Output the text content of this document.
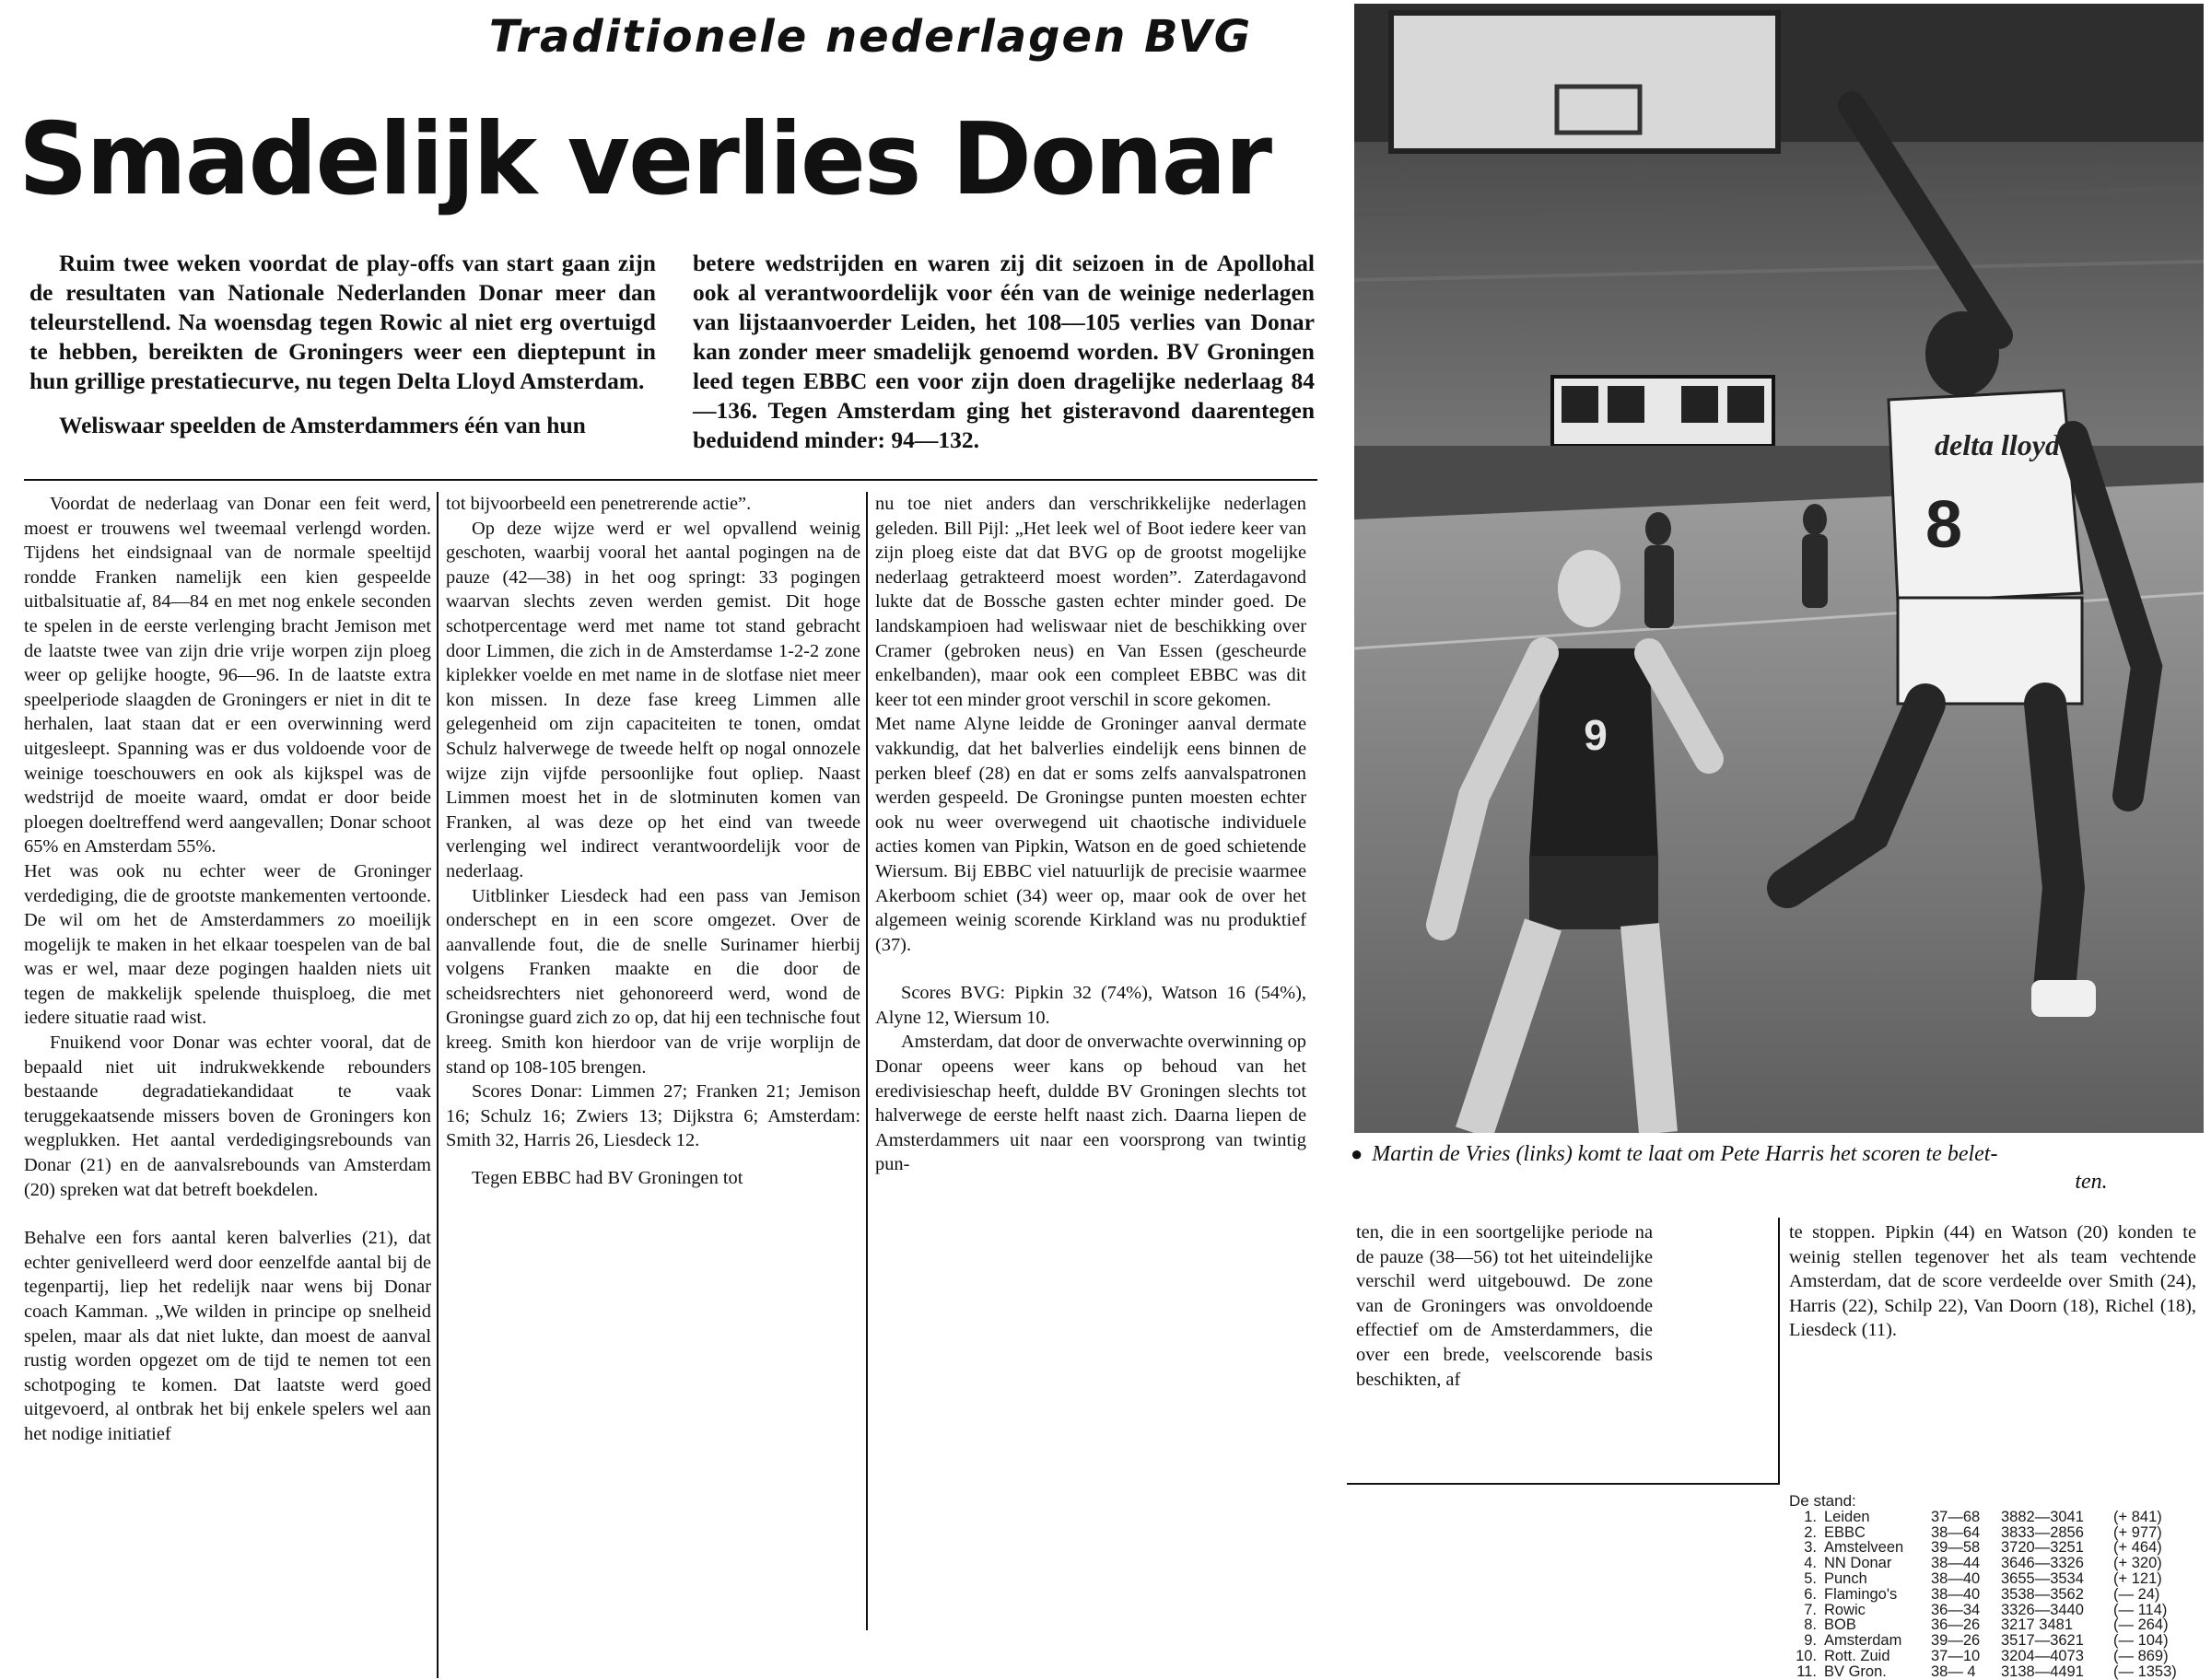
Traditionele nederlagen BVG
Smadelijk verlies Donar

Ruim twee weken voordat de play-offs van start gaan zijn de resultaten van Nationale Nederlanden Donar meer dan teleurstellend. Na woensdag tegen Rowic al niet erg overtuigd te hebben, bereikten de Groningers weer een dieptepunt in hun grillige prestatiecurve, nu tegen Delta Lloyd Amsterdam.

Weliswaar speelden de Amsterdammers één van hun

betere wedstrijden en waren zij dit seizoen in de Apollohal ook al verantwoordelijk voor één van de weinige nederlagen van lijstaanvoerder Leiden, het 108—105 verlies van Donar kan zonder meer smadelijk genoemd worden. BV Groningen leed tegen EBBC een voor zijn doen dragelijke nederlaag 84—136. Tegen Amsterdam ging het gisteravond daarentegen beduidend minder: 94—132.

Voordat de nederlaag van Donar een feit werd, moest er trouwens wel tweemaal verlengd worden. Tijdens het eindsignaal van de normale speeltijd rondde Franken namelijk een kien gespeelde uitbalsituatie af, 84—84 en met nog enkele seconden te spelen in de eerste verlenging bracht Jemison met de laatste twee van zijn drie vrije worpen zijn ploeg weer op gelijke hoogte, 96—96. In de laatste extra speelperiode slaagden de Groningers er niet in dit te herhalen, laat staan dat er een overwinning werd uitgesleept. Spanning was er dus voldoende voor de weinige toeschouwers en ook als kijkspel was de wedstrijd de moeite waard, omdat er door beide ploegen doeltreffend werd aangevallen; Donar schoot 65% en Amsterdam 55%.

Het was ook nu echter weer de Groninger verdediging, die de grootste mankementen vertoonde. De wil om het de Amsterdammers zo moeilijk mogelijk te maken in het elkaar toespelen van de bal was er wel, maar deze pogingen haalden niets uit tegen de makkelijk spelende thuisploeg, die met iedere situatie raad wist.

Fnuikend voor Donar was echter vooral, dat de bepaald niet uit indrukwekkende rebounders bestaande degradatiekandidaat te vaak teruggekaatsende missers boven de Groningers kon wegplukken. Het aantal verdedigingsrebounds van Donar (21) en de aanvalsrebounds van Amsterdam (20) spreken wat dat betreft boekdelen.

Behalve een fors aantal keren balverlies (21), dat echter genivelleerd werd door eenzelfde aantal bij de tegenpartij, liep het redelijk naar wens bij Donar coach Kamman. „We wilden in principe op snelheid spelen, maar als dat niet lukte, dan moest de aanval rustig worden opgezet om de tijd te nemen tot een schotpoging te komen. Dat laatste werd goed uitgevoerd, al ontbrak het bij enkele spelers wel aan het nodige initiatief

tot bijvoorbeeld een penetrerende actie”.

Op deze wijze werd er wel opvallend weinig geschoten, waarbij vooral het aantal pogingen na de pauze (42—38) in het oog springt: 33 pogingen waarvan slechts zeven werden gemist. Dit hoge schotpercentage werd met name tot stand gebracht door Limmen, die zich in de Amsterdamse 1-2-2 zone kiplekker voelde en met name in de slotfase niet meer kon missen. In deze fase kreeg Limmen alle gelegenheid om zijn capaciteiten te tonen, omdat Schulz halverwege de tweede helft op nogal onnozele wijze zijn vijfde persoonlijke fout opliep. Naast Limmen moest het in de slotminuten komen van Franken, al was deze op het eind van tweede verlenging wel indirect verantwoordelijk voor de nederlaag.

Uitblinker Liesdeck had een pass van Jemison onderschept en in een score omgezet. Over de aanvallende fout, die de snelle Surinamer hierbij volgens Franken maakte en die door de scheidsrechters niet gehonoreerd werd, wond de Groningse guard zich zo op, dat hij een technische fout kreeg. Smith kon hierdoor van de vrije worplijn de stand op 108-105 brengen.

Scores Donar: Limmen 27; Franken 21; Jemison 16; Schulz 16; Zwiers 13; Dijkstra 6; Amsterdam: Smith 32, Harris 26, Liesdeck 12.

Tegen EBBC had BV Groningen tot

nu toe niet anders dan verschrikkelijke nederlagen geleden. Bill Pijl: „Het leek wel of Boot iedere keer van zijn ploeg eiste dat dat BVG op de grootst mogelijke nederlaag getrakteerd moest worden”. Zaterdagavond lukte dat de Bossche gasten echter minder goed. De landskampioen had weliswaar niet de beschikking over Cramer (gebroken neus) en Van Essen (gescheurde enkelbanden), maar ook een compleet EBBC was dit keer tot een minder groot verschil in score gekomen.

Met name Alyne leidde de Groninger aanval dermate vakkundig, dat het balverlies eindelijk eens binnen de perken bleef (28) en dat er soms zelfs aanvalspatronen werden gespeeld. De Groningse punten moesten echter ook nu weer overwegend uit chaotische individuele acties komen van Pipkin, Watson en de goed schietende Wiersum. Bij EBBC viel natuurlijk de precisie waarmee Akerboom schiet (34) weer op, maar ook de over het algemeen weinig scorende Kirkland was nu produktief (37).

Scores BVG: Pipkin 32 (74%), Watson 16 (54%), Alyne 12, Wiersum 10.

Amsterdam, dat door de onverwachte overwinning op Donar opeens weer kans op behoud van het eredivisieschap heeft, duldde BV Groningen slechts tot halverwege de eerste helft naast zich. Daarna liepen de Amsterdammers uit naar een voorsprong van twintig pun-

ten, die in een soortgelijke periode na de pauze (38—56) tot het uiteindelijke verschil werd uitgebouwd. De zone van de Groningers was onvoldoende effectief om de Amsterdammers, die over een brede, veelscorende basis beschikten, af

te stoppen. Pipkin (44) en Watson (20) konden te weinig stellen tegenover het als team vechtende Amsterdam, dat de score verdeelde over Smith (24), Harris (22), Schilp 22), Van Doorn (18), Richel (18), Liesdeck (11).

9
delta lloyd
8
● Martin de Vries (links) komt te laat om Pete Harris het scoren te belet-
ten.
De stand:
1. Leiden	37—68	3882—3041	(+ 841)
2. EBBC	38—64	3833—2856	(+ 977)
3. Amstelveen	39—58	3720—3251	(+ 464)
4. NN Donar	38—44	3646—3326	(+ 320)
5. Punch	38—40	3655—3534	(+ 121)
6. Flamingo's	38—40	3538—3562	(— 24)
7. Rowic	36—34	3326—3440	(— 114)
8. BOB	36—26	3217 3481	(— 264)
9. Amsterdam	39—26	3517—3621	(— 104)
10. Rott. Zuid	37—10	3204—4073	(— 869)
11. BV Gron.	38— 4	3138—4491	(— 1353)
